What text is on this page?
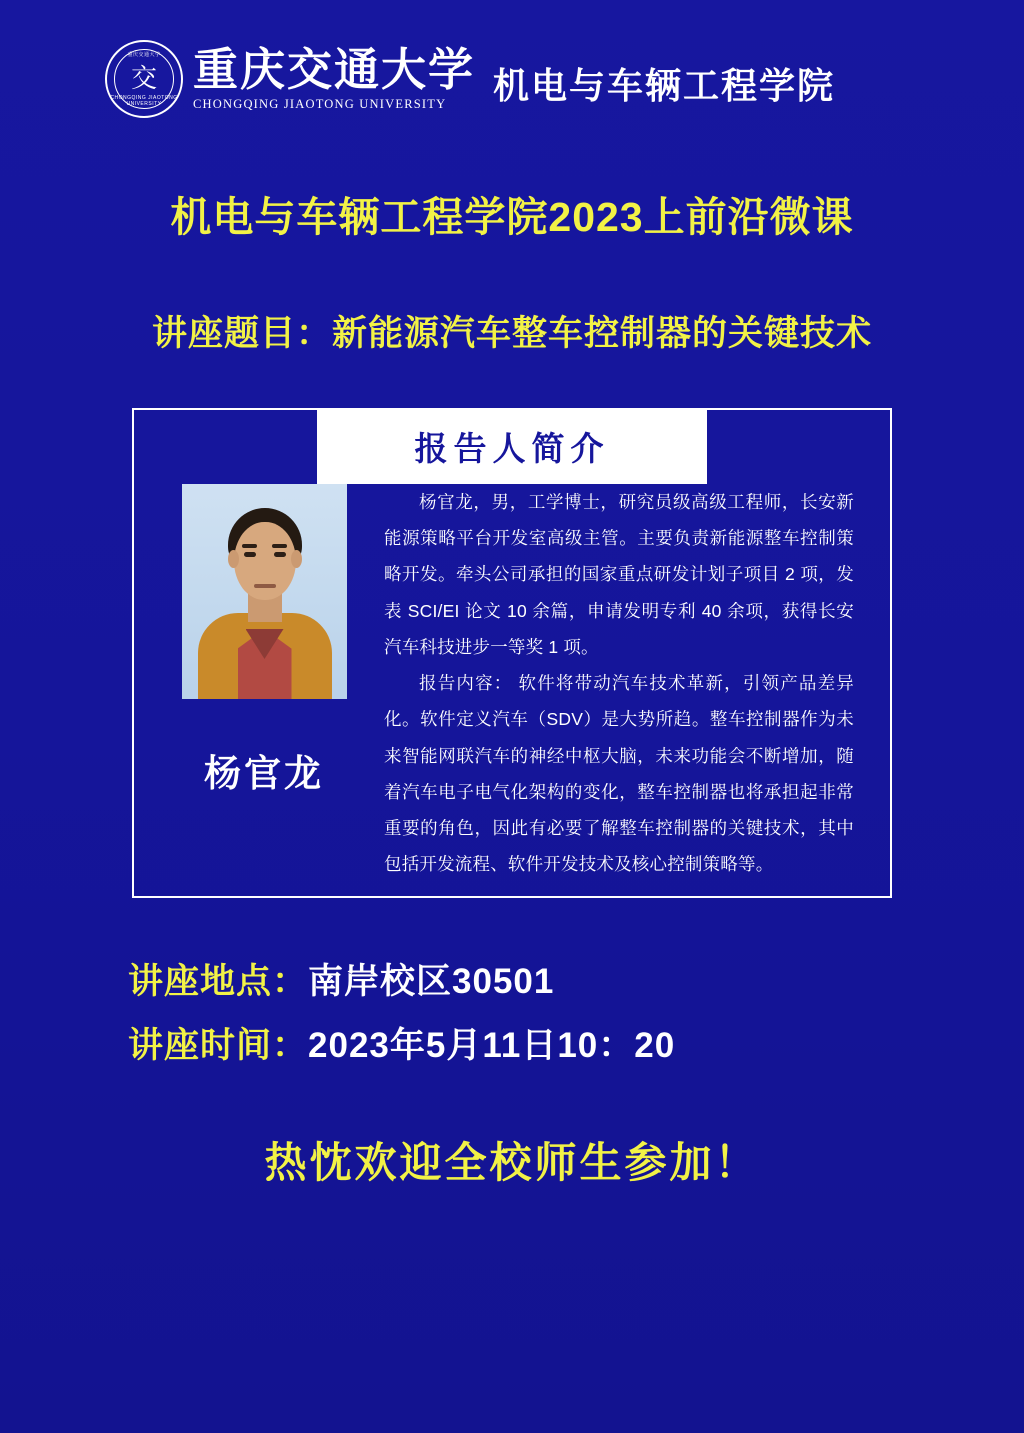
重庆交通大学
交
CHONGQING JIAOTONG UNIVERSITY
重庆交通大学
CHONGQING JIAOTONG UNIVERSITY	机电与车辆工程学院
机电与车辆工程学院2023上前沿微课
讲座题目：新能源汽车整车控制器的关键技术
报告人简介
杨官龙

杨官龙，男，工学博士，研究员级高级工程师，长安新能源策略平台开发室高级主管。主要负责新能源整车控制策略开发。牵头公司承担的国家重点研发计划子项目 2 项，发表 SCI/EI 论文 10 余篇，申请发明专利 40 余项，获得长安汽车科技进步一等奖 1 项。

报告内容： 软件将带动汽车技术革新，引领产品差异化。软件定义汽车（SDV）是大势所趋。整车控制器作为未来智能网联汽车的神经中枢大脑，未来功能会不断增加，随着汽车电子电气化架构的变化，整车控制器也将承担起非常重要的角色，因此有必要了解整车控制器的关键技术，其中包括开发流程、软件开发技术及核心控制策略等。

讲座地点： 南岸校区30501
讲座时间： 2023年5月11日10：20
热忱欢迎全校师生参加！
